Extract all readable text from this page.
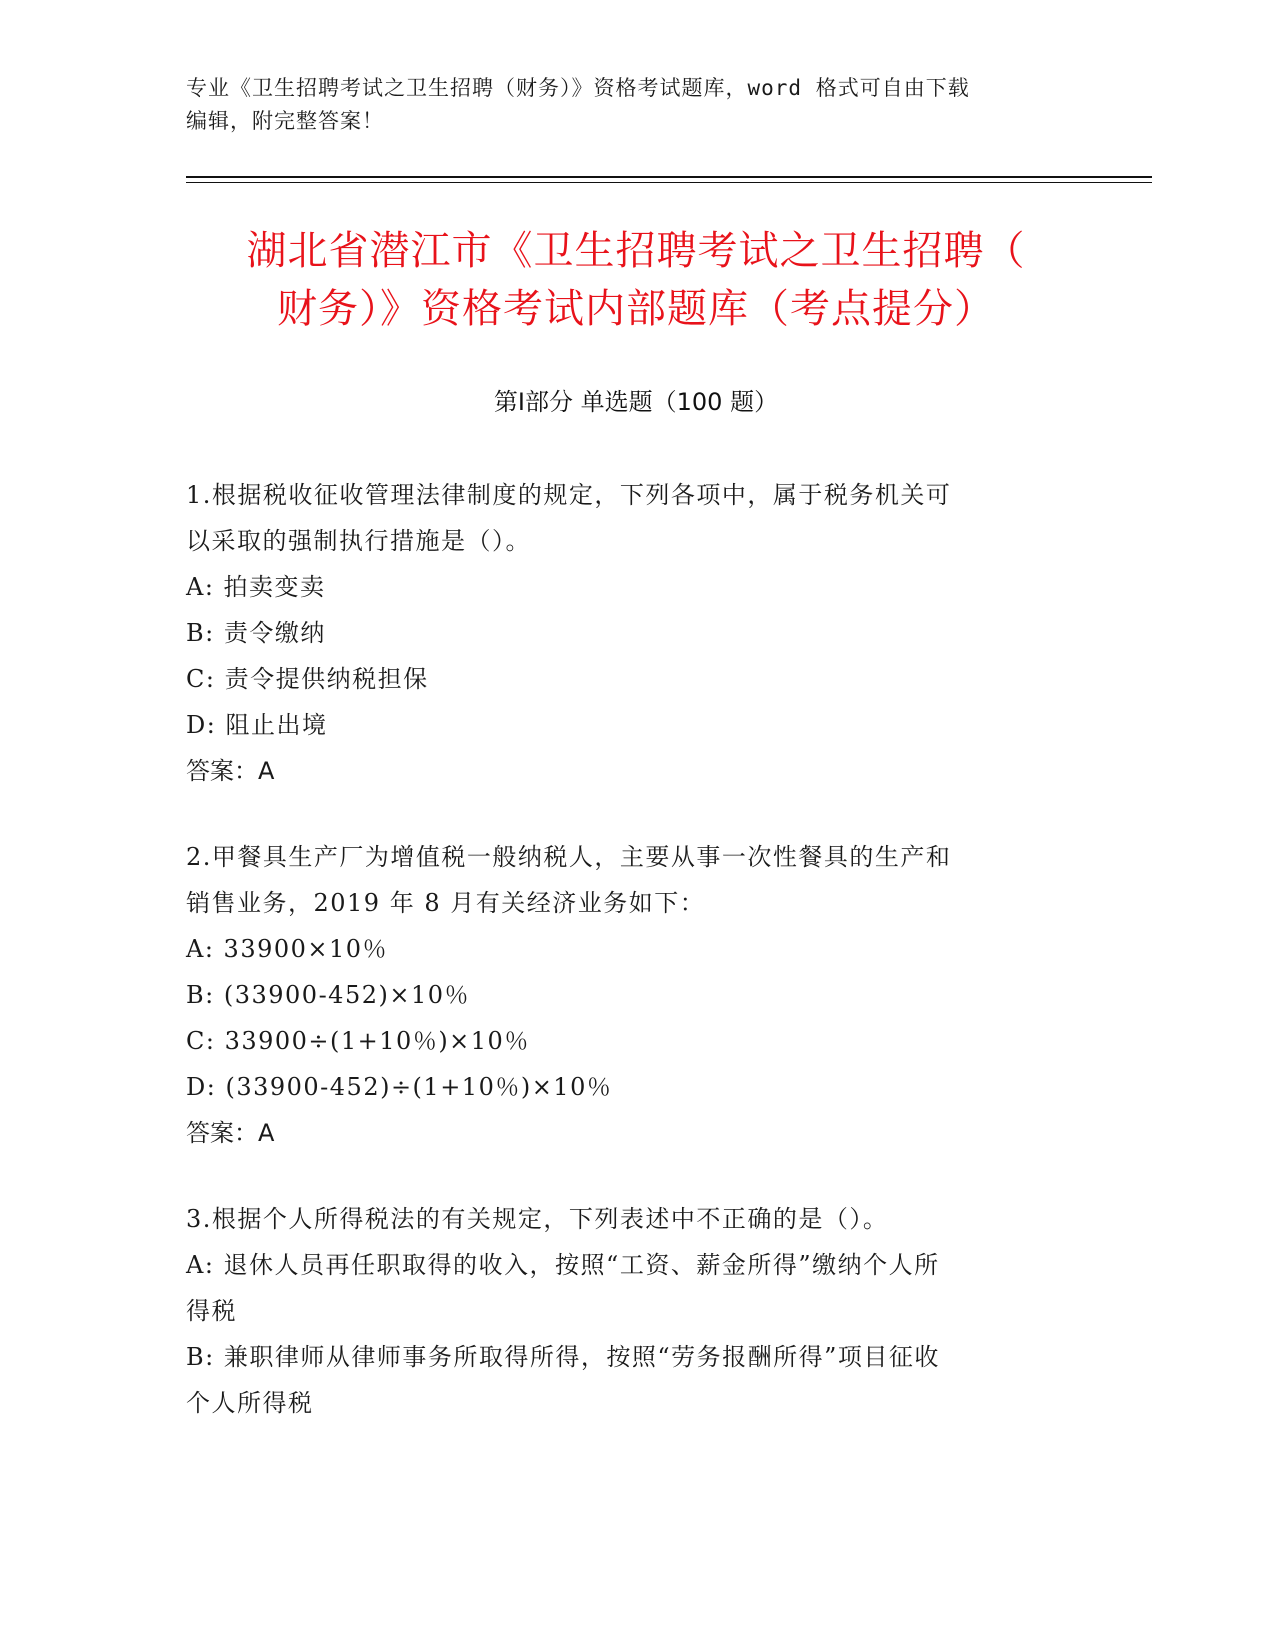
专业《卫生招聘考试之卫生招聘（财务）》资格考试题库，word 格式可自由下载
编辑，附完整答案！
湖北省潜江市《卫生招聘考试之卫生招聘（
财务）》资格考试内部题库（考点提分）
第Ⅰ部分 单选题（100 题）
1.根据税收征收管理法律制度的规定，下列各项中，属于税务机关可
以采取的强制执行措施是（）。
A: 拍卖变卖
B: 责令缴纳
C: 责令提供纳税担保
D: 阻止出境
答案：A
2.甲餐具生产厂为增值税一般纳税人，主要从事一次性餐具的生产和
销售业务，2019 年 8 月有关经济业务如下：
A: 33900×10％
B: (33900-452)×10％
C: 33900÷(1+10％)×10％
D: (33900-452)÷(1+10％)×10％
答案：A
3.根据个人所得税法的有关规定，下列表述中不正确的是（）。
A: 退休人员再任职取得的收入，按照“工资、薪金所得”缴纳个人所
得税
B: 兼职律师从律师事务所取得所得，按照“劳务报酬所得”项目征收
个人所得税
